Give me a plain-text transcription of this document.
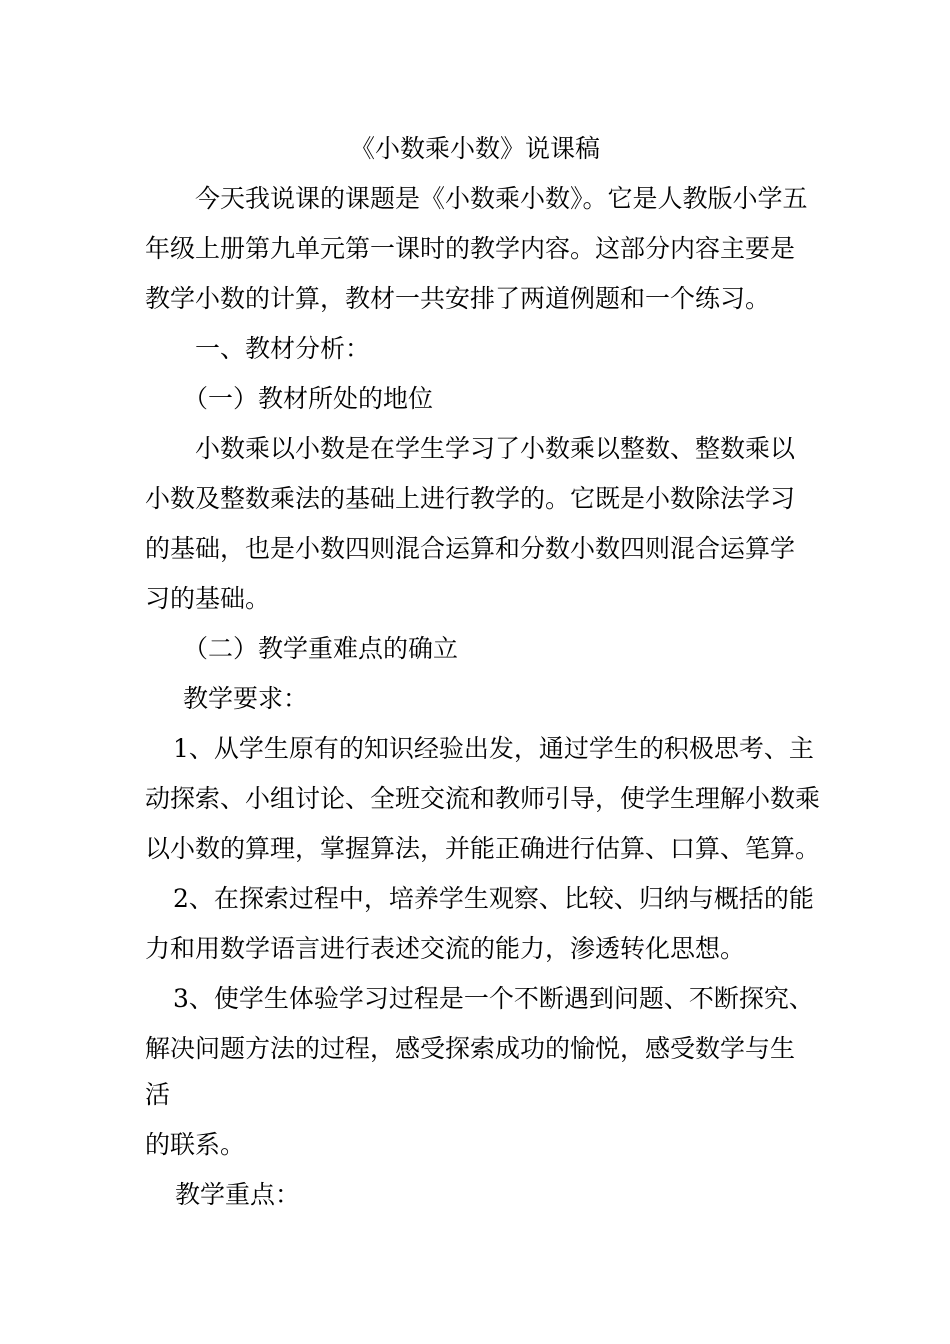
《小数乘小数》说课稿
今天我说课的课题是《小数乘小数》。它是人教版小学五
年级上册第九单元第一课时的教学内容。这部分内容主要是
教学小数的计算，教材一共安排了两道例题和一个练习。
一、教材分析：
（一）教材所处的地位
小数乘以小数是在学生学习了小数乘以整数、整数乘以
小数及整数乘法的基础上进行教学的。它既是小数除法学习
的基础，也是小数四则混合运算和分数小数四则混合运算学
习的基础。
（二）教学重难点的确立
教学要求：
1、从学生原有的知识经验出发，通过学生的积极思考、主
动探索、小组讨论、全班交流和教师引导，使学生理解小数乘
以小数的算理，掌握算法，并能正确进行估算、口算、笔算。
2、在探索过程中，培养学生观察、比较、归纳与概括的能
力和用数学语言进行表述交流的能力，渗透转化思想。
3、使学生体验学习过程是一个不断遇到问题、不断探究、
解决问题方法的过程，感受探索成功的愉悦，感受数学与生
活
的联系。
教学重点：
